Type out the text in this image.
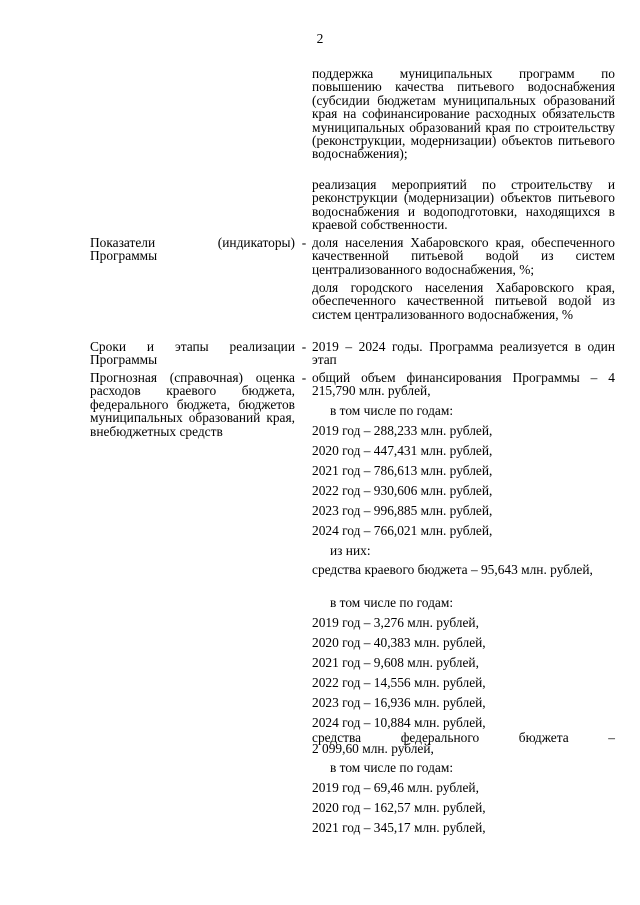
2
поддержка муниципальных программ по повышению качества питьевого водоснабжения (субсидии бюджетам муниципальных образований края на софинансирование расходных обязательств муниципальных образований края по строительству (реконструкции, модернизации) объектов питьевого водоснабжения);
реализация мероприятий по строительству и реконструкции (модернизации) объектов питьевого водоснабжения и водоподготовки, находящихся в краевой собственности.
Показатели (индикаторы) Программы
- доля населения Хабаровского края, обеспеченного качественной питьевой водой из систем централизованного водоснабжения, %;
доля городского населения Хабаровского края, обеспеченного качественной питьевой водой из систем централизованного водоснабжения, %
Сроки и этапы реализации Программы
- 2019 – 2024 годы. Программа реализуется в один этап
Прогнозная (справочная) оценка расходов краевого бюджета, федерального бюджета, бюджетов муниципальных образований края, внебюджетных средств
- общий объем финансирования Программы – 4 215,790 млн. рублей,
в том числе по годам:
2019 год – 288,233 млн. рублей,
2020 год – 447,431 млн. рублей,
2021 год – 786,613 млн. рублей,
2022 год – 930,606 млн. рублей,
2023 год – 996,885 млн. рублей,
2024 год – 766,021 млн. рублей,
из них:
средства краевого бюджета – 95,643 млн. рублей,
в том числе по годам:
2019 год – 3,276 млн. рублей,
2020 год – 40,383 млн. рублей,
2021 год – 9,608 млн. рублей,
2022 год – 14,556 млн. рублей,
2023 год – 16,936 млн. рублей,
2024 год – 10,884 млн. рублей,
средства федерального бюджета –
2 099,60 млн. рублей,
в том числе по годам:
2019 год – 69,46 млн. рублей,
2020 год – 162,57 млн. рублей,
2021 год – 345,17 млн. рублей,
